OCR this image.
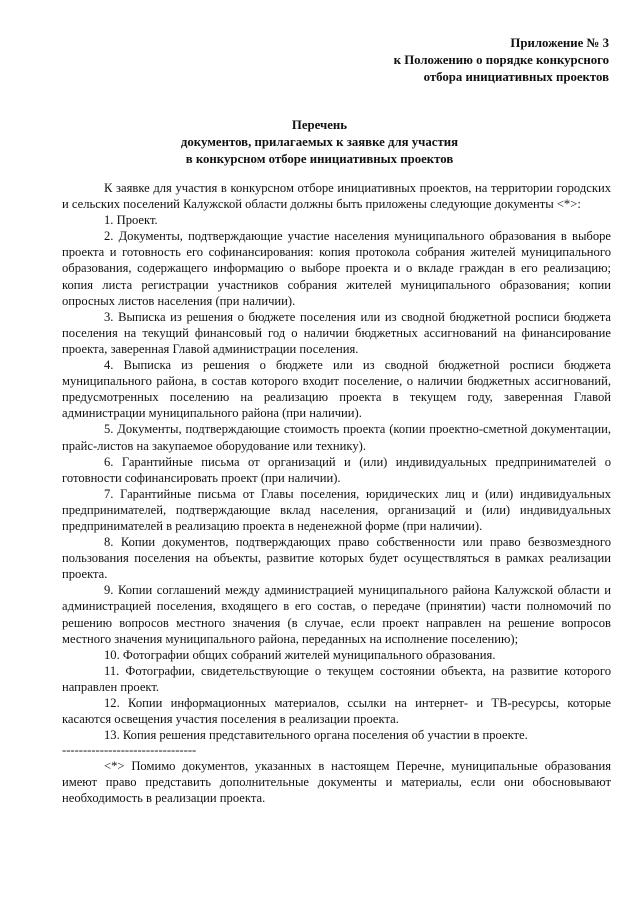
Приложение № 3
к Положению о порядке конкурсного
отбора инициативных проектов
Перечень
документов, прилагаемых к заявке для участия
в конкурсном отборе инициативных проектов

К заявке для участия в конкурсном отборе инициативных проектов, на территории городских и сельских поселений Калужской области должны быть приложены следующие документы <*>:

1. Проект.

2. Документы, подтверждающие участие населения муниципального образования в выборе проекта и готовность его софинансирования: копия протокола собрания жителей муниципального образования, содержащего информацию о выборе проекта и о вкладе граждан в его реализацию; копия листа регистрации участников собрания жителей муниципального образования; копии опросных листов населения (при наличии).

3. Выписка из решения о бюджете поселения или из сводной бюджетной росписи бюджета поселения на текущий финансовый год о наличии бюджетных ассигнований на финансирование проекта, заверенная Главой администрации поселения.

4. Выписка из решения о бюджете или из сводной бюджетной росписи бюджета муниципального района, в состав которого входит поселение, о наличии бюджетных ассигнований, предусмотренных поселению на реализацию проекта в текущем году, заверенная Главой администрации муниципального района (при наличии).

5. Документы, подтверждающие стоимость проекта (копии проектно-сметной документации, прайс-листов на закупаемое оборудование или технику).

6. Гарантийные письма от организаций и (или) индивидуальных предпринимателей о готовности софинансировать проект (при наличии).

7. Гарантийные письма от Главы поселения, юридических лиц и (или) индивидуальных предпринимателей, подтверждающие вклад населения, организаций и (или) индивидуальных предпринимателей в реализацию проекта в неденежной форме (при наличии).

8. Копии документов, подтверждающих право собственности или право безвозмездного пользования поселения на объекты, развитие которых будет осуществляться в рамках реализации проекта.

9. Копии соглашений между администрацией муниципального района Калужской области и администрацией поселения, входящего в его состав, о передаче (принятии) части полномочий по решению вопросов местного значения (в случае, если проект направлен на решение вопросов местного значения муниципального района, переданных на исполнение поселению);

10. Фотографии общих собраний жителей муниципального образования.

11. Фотографии, свидетельствующие о текущем состоянии объекта, на развитие которого направлен проект.

12. Копии информационных материалов, ссылки на интернет- и ТВ-ресурсы, которые касаются освещения участия поселения в реализации проекта.

13. Копия решения представительного органа поселения об участии в проекте.

--------------------------------

<*> Помимо документов, указанных в настоящем Перечне, муниципальные образования имеют право представить дополнительные документы и материалы, если они обосновывают необходимость в реализации проекта.
